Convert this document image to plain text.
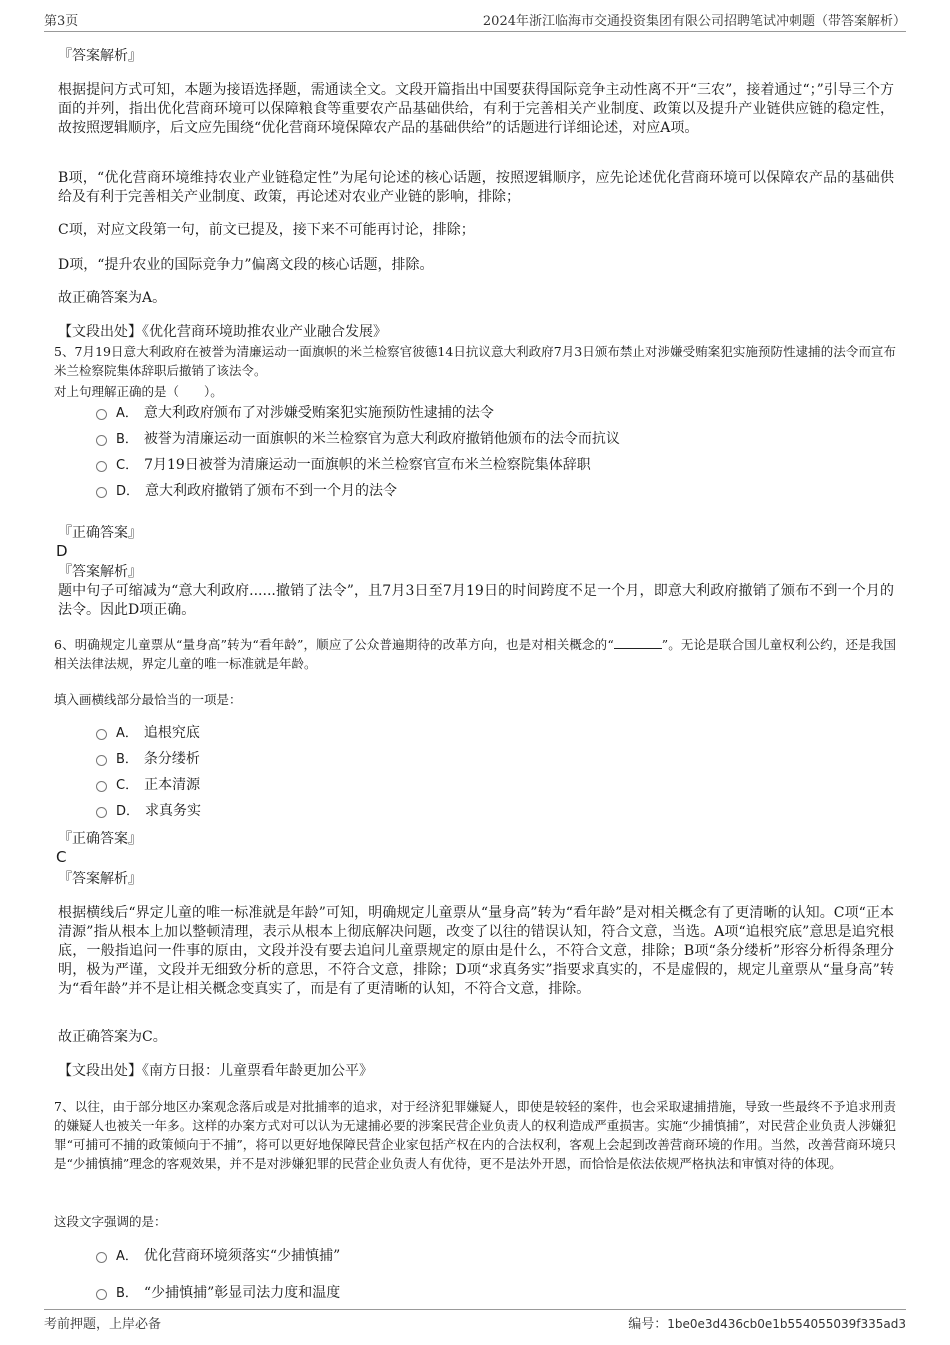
第3页	2024年浙江临海市交通投资集团有限公司招聘笔试冲刺题（带答案解析）

『答案解析』

根据提问方式可知，本题为接语选择题，需通读全文。文段开篇指出中国要获得国际竞争主动性离不开“三农”，接着通过“；”引导三个方面的并列，指出优化营商环境可以保障粮食等重要农产品基础供给，有利于完善相关产业制度、政策以及提升产业链供应链的稳定性，故按照逻辑顺序，后文应先围绕“优化营商环境保障农产品的基础供给”的话题进行详细论述，对应A项。

B项，“优化营商环境维持农业产业链稳定性”为尾句论述的核心话题，按照逻辑顺序，应先论述优化营商环境可以保障农产品的基础供给及有利于完善相关产业制度、政策，再论述对农业产业链的影响，排除；

C项，对应文段第一句，前文已提及，接下来不可能再讨论，排除；

D项，“提升农业的国际竞争力”偏离文段的核心话题，排除。

故正确答案为A。

【文段出处】《优化营商环境助推农业产业融合发展》

5、7月19日意大利政府在被誉为清廉运动一面旗帜的米兰检察官彼德14日抗议意大利政府7月3日颁布禁止对涉嫌受贿案犯实施预防性逮捕的法令而宣布米兰检察院集体辞职后撤销了该法令。

对上句理解正确的是（　　）。

A． 意大利政府颁布了对涉嫌受贿案犯实施预防性逮捕的法令
B． 被誉为清廉运动一面旗帜的米兰检察官为意大利政府撤销他颁布的法令而抗议
C． 7月19日被誉为清廉运动一面旗帜的米兰检察官宣布米兰检察院集体辞职
D． 意大利政府撤销了颁布不到一个月的法令

『正确答案』

D

『答案解析』

题中句子可缩减为“意大利政府......撤销了法令”，且7月3日至7月19日的时间跨度不足一个月，即意大利政府撤销了颁布不到一个月的法令。因此D项正确。

6、明确规定儿童票从“量身高”转为“看年龄”，顺应了公众普遍期待的改革方向，也是对相关概念的“	”。无论是联合国儿童权利公约，还是我国相关法律法规，界定儿童的唯一标准就是年龄。

填入画横线部分最恰当的一项是：

A． 追根究底
B． 条分缕析
C． 正本清源
D． 求真务实

『正确答案』

C

『答案解析』

根据横线后“界定儿童的唯一标准就是年龄”可知，明确规定儿童票从“量身高”转为“看年龄”是对相关概念有了更清晰的认知。C项“正本清源”指从根本上加以整顿清理，表示从根本上彻底解决问题，改变了以往的错误认知，符合文意，当选。A项“追根究底”意思是追究根底，一般指追问一件事的原由，文段并没有要去追问儿童票规定的原由是什么，不符合文意，排除；B项“条分缕析”形容分析得条理分明，极为严谨，文段并无细致分析的意思，不符合文意，排除；D项“求真务实”指要求真实的，不是虚假的，规定儿童票从“量身高”转为“看年龄”并不是让相关概念变真实了，而是有了更清晰的认知，不符合文意，排除。

故正确答案为C。

【文段出处】《南方日报：儿童票看年龄更加公平》

7、以往，由于部分地区办案观念落后或是对批捕率的追求，对于经济犯罪嫌疑人，即使是较轻的案件，也会采取逮捕措施，导致一些最终不予追求刑责的嫌疑人也被关一年多。这样的办案方式对可以认为无逮捕必要的涉案民营企业负责人的权利造成严重损害。实施“少捕慎捕”，对民营企业负责人涉嫌犯罪“可捕可不捕的政策倾向于不捕”，将可以更好地保障民营企业家包括产权在内的合法权利，客观上会起到改善营商环境的作用。当然，改善营商环境只是“少捕慎捕”理念的客观效果，并不是对涉嫌犯罪的民营企业负责人有优待，更不是法外开恩，而恰恰是依法依规严格执法和审慎对待的体现。

这段文字强调的是：

A． 优化营商环境须落实“少捕慎捕”
B． “少捕慎捕”彰显司法力度和温度
考前押题，上岸必备	编号：1be0e3d436cb0e1b554055039f335ad3
